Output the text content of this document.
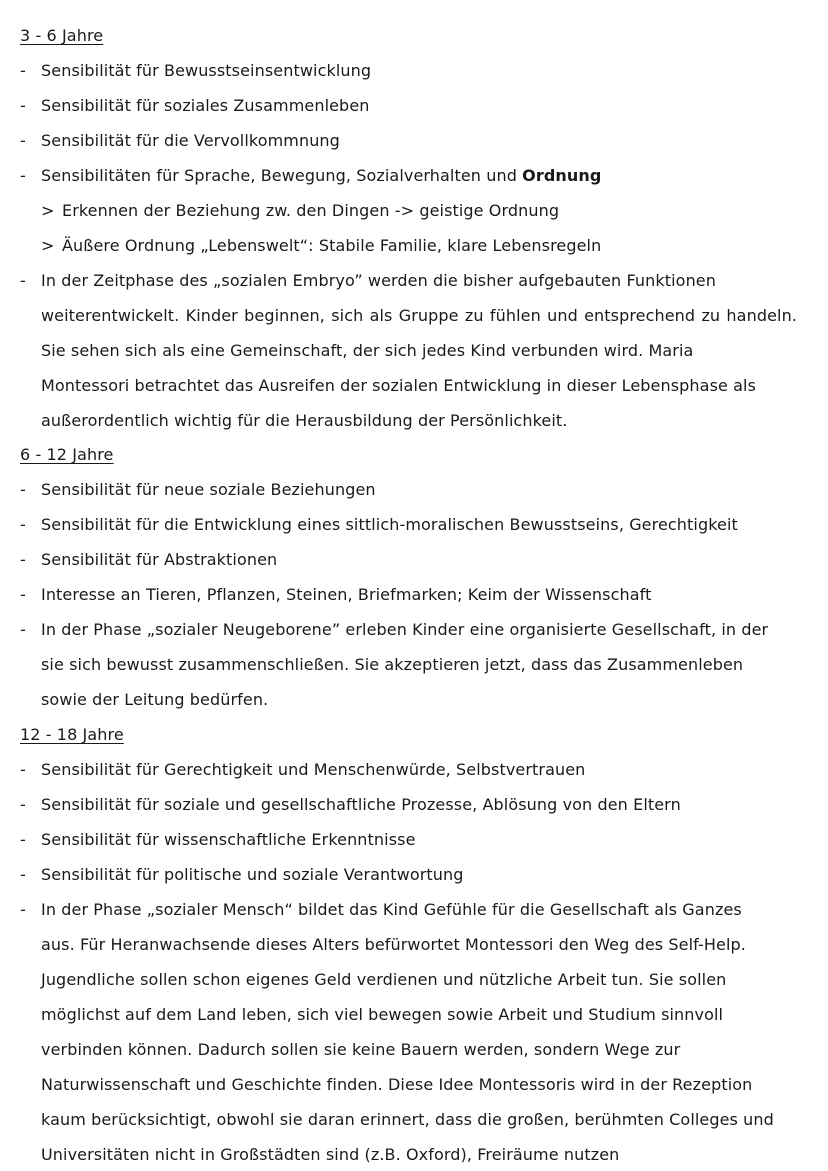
3 - 6 Jahre
- Sensibilität für Bewusstseinsentwicklung
- Sensibilität für soziales Zusammenleben
- Sensibilität für die Vervollkommnung
- Sensibilitäten für Sprache, Bewegung, Sozialverhalten und Ordnung
> Erkennen der Beziehung zw. den Dingen -> geistige Ordnung
> Äußere Ordnung „Lebenswelt“: Stabile Familie, klare Lebensregeln
- In der Zeitphase des „sozialen Embryo” werden die bisher aufgebauten Funktionen
weiterentwickelt. Kinder beginnen, sich als Gruppe zu fühlen und entsprechend zu handeln.
Sie sehen sich als eine Gemeinschaft, der sich jedes Kind verbunden wird. Maria
Montessori betrachtet das Ausreifen der sozialen Entwicklung in dieser Lebensphase als
außerordentlich wichtig für die Herausbildung der Persönlichkeit.
6 - 12 Jahre
- Sensibilität für neue soziale Beziehungen
- Sensibilität für die Entwicklung eines sittlich-moralischen Bewusstseins, Gerechtigkeit
- Sensibilität für Abstraktionen
- Interesse an Tieren, Pflanzen, Steinen, Briefmarken; Keim der Wissenschaft
- In der Phase „sozialer Neugeborene” erleben Kinder eine organisierte Gesellschaft, in der
sie sich bewusst zusammenschließen. Sie akzeptieren jetzt, dass das Zusammenleben
sowie der Leitung bedürfen.
12 - 18 Jahre
- Sensibilität für Gerechtigkeit und Menschenwürde, Selbstvertrauen
- Sensibilität für soziale und gesellschaftliche Prozesse, Ablösung von den Eltern
- Sensibilität für wissenschaftliche Erkenntnisse
- Sensibilität für politische und soziale Verantwortung
- In der Phase „sozialer Mensch“ bildet das Kind Gefühle für die Gesellschaft als Ganzes
aus. Für Heranwachsende dieses Alters befürwortet Montessori den Weg des Self-Help.
Jugendliche sollen schon eigenes Geld verdienen und nützliche Arbeit tun. Sie sollen
möglichst auf dem Land leben, sich viel bewegen sowie Arbeit und Studium sinnvoll
verbinden können. Dadurch sollen sie keine Bauern werden, sondern Wege zur
Naturwissenschaft und Geschichte finden. Diese Idee Montessoris wird in der Rezeption
kaum berücksichtigt, obwohl sie daran erinnert, dass die großen, berühmten Colleges und
Universitäten nicht in Großstädten sind (z.B. Oxford), Freiräume nutzen
